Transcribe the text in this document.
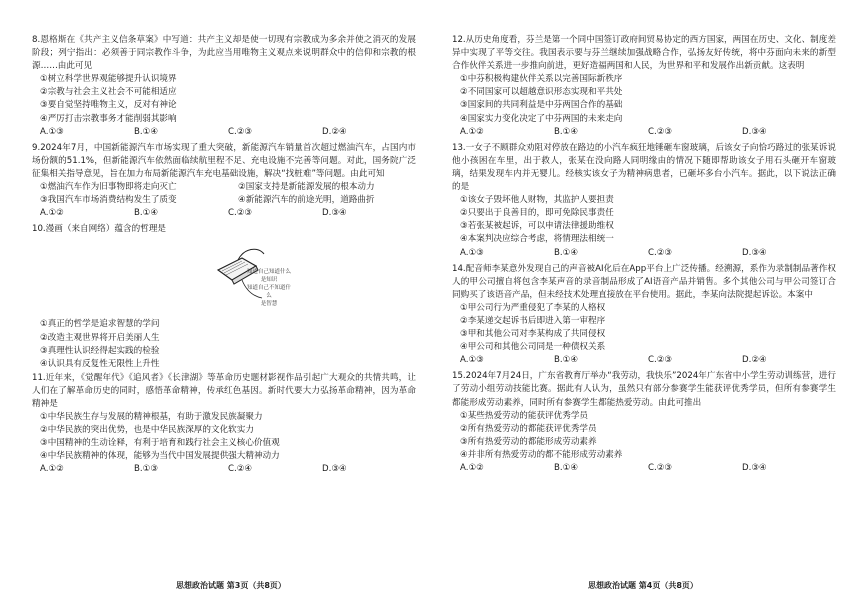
8.恩格斯在《共产主义信条草案》中写道：共产主义却是使一切现有宗教成为多余并使之消灭的发展阶段；列宁指出：必须善于同宗教作斗争，为此应当用唯物主义观点来说明群众中的信仰和宗教的根源……由此可见

①树立科学世界观能够提升认识境界

②宗教与社会主义社会不可能相适应

③要自觉坚持唯物主义，反对有神论

④严厉打击宗教事务才能削弱其影响

A.①③	B.①④	C.②③	D.②④

9.2024年7月，中国新能源汽车市场实现了重大突破，新能源汽车销量首次超过燃油汽车，占国内市场份额的51.1%，但新能源汽车依然面临续航里程不足、充电设施不完善等问题。对此，国务院广泛征集相关指导意见，旨在加力布局新能源汽车充电基础设施，解决“找桩难”等问题。由此可知

①燃油汽车作为旧事物即将走向灭亡	②国家支持是新能源发展的根本动力

③我国汽车市场消费结构发生了质变	④新能源汽车的前途光明，道路曲折

A.①②	B.①④	C.②③	D.③④

10.漫画（来自网络）蕴含的哲理是

知道自己知道什么
是知识
知道自己不知道什么
是智慧

①真正的哲学是追求智慧的学问

②改造主观世界将开启美丽人生

③真理性认识经得起实践的检验

④认识具有反复性无限性上升性

11.近年来，《觉醒年代》《追风者》《长津湖》等革命历史题材影视作品引起广大观众的共情共鸣，让人们在了解革命历史的同时，感悟革命精神，传承红色基因。新时代要大力弘扬革命精神，因为革命精神是

①中华民族生存与发展的精神根基，有助于激发民族凝聚力

②中华民族的突出优势，也是中华民族深厚的文化软实力

③中国精神的生动诠释，有利于培育和践行社会主义核心价值观

④中华民族精神的体现，能够为当代中国发展提供强大精神动力

A.①②	B.①③	C.②④	D.③④

12.从历史角度看，芬兰是第一个同中国签订政府间贸易协定的西方国家，两国在历史、文化、制度差异中实现了平等交往。我国表示要与芬兰继续加强战略合作，弘扬友好传统，将中芬面向未来的新型合作伙伴关系进一步推向前进，更好造福两国和人民，为世界和平和发展作出新贡献。这表明

①中芬积极构建伙伴关系以完善国际新秩序

②不同国家可以超越意识形态实现和平共处

③国家间的共同利益是中芬两国合作的基础

④国家实力变化决定了中芬两国的未来走向

A.①②	B.①④	C.②③	D.③④

13.一女子不顾群众劝阻对停放在路边的小汽车疯狂地锤砸车窗玻璃，后该女子向恰巧路过的张某诉说他小孩困在车里，出于救人，张某在没向路人同明缘由的情况下随即帮助该女子用石头砸开车窗玻璃，结果发现车内并无婴儿。经核实该女子为精神病患者，已砸坏多台小汽车。据此，以下说法正确的是

①该女子毁坏他人财物，其监护人要担责

②只要出于良善目的，即可免除民事责任

③若张某被起诉，可以申请法律援助维权

④本案判决应综合考虑，将情理法相统一

A.①③	B.①④	C.②③	D.③④

14.配音师李某意外发现自己的声音被AI化后在App平台上广泛传播。经溯源，系作为录制制品著作权人的甲公司擅自将包含李某声音的录音制品形成了AI语音产品并销售。多个其他公司与甲公司签订合同购买了该语音产品，但未经技术处理直接放在平台使用。据此，李某向法院提起诉讼。本案中

①甲公司行为严重侵犯了李某的人格权

②李某递交起诉书后即进入第一审程序

③甲和其他公司对李某构成了共同侵权

④甲公司和其他公司同是一种债权关系

A.①③	B.①④	C.②③	D.②④

15.2024年7月24日，广东省教育厅举办“我劳动，我快乐”2024年广东省中小学生劳动训练营，进行了劳动小组劳动技能比赛。据此有人认为，虽然只有部分参赛学生能获评优秀学员，但所有参赛学生都能形成劳动素养，同时所有参赛学生都能热爱劳动。由此可推出

①某些热爱劳动的能获评优秀学员

②所有热爱劳动的都能获评优秀学员

③所有热爱劳动的都能形成劳动素养

④并非所有热爱劳动的都不能形成劳动素养

A.①②	B.①④	C.②③	D.③④
思想政治试题 第3页（共8页）	思想政治试题 第4页（共8页）
